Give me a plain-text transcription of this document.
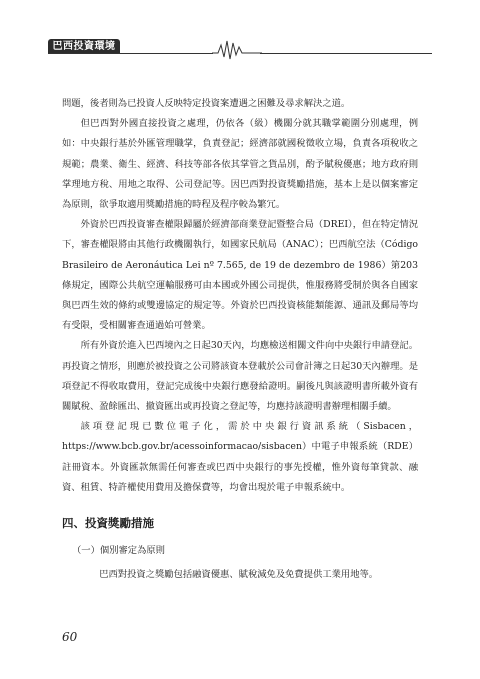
巴西投資環境簡介

問題，後者則為已投資人反映特定投資案遭遇之困難及尋求解決之道。

但巴西對外國直接投資之處理，仍依各（級）機關分就其職掌範圍分別處理，例如：中央銀行基於外匯管理職掌，負責登記；經濟部就國稅徵收立場，負責各項稅收之規範；農業、衛生、經濟、科技等部各依其掌管之貨品別，酌予賦稅優惠；地方政府則掌理地方稅、用地之取得、公司登記等。因巴西對投資獎勵措施，基本上是以個案審定為原則，欲爭取適用獎勵措施的時程及程序較為繁冗。

外資於巴西投資審查權限歸屬於經濟部商業登記暨整合局（DREI），但在特定情況下，審查權限將由其他行政機關執行，如國家民航局（ANAC）；巴西航空法（Código Brasileiro de Aeronáutica Lei nº 7.565, de 19 de dezembro de 1986）第203條規定，國際公共航空運輸服務可由本國或外國公司提供，惟服務將受制於與各自國家與巴西生效的條約或雙邊協定的規定等。外資於巴西投資核能類能源、通訊及郵局等均有受限，受相關審查通過始可營業。

所有外資於進入巴西境內之日起30天內，均應檢送相關文件向中央銀行申請登記。再投資之情形，則應於被投資之公司將該資本登載於公司會計簿之日起30天內辦理。是項登記不得收取費用，登記完成後中央銀行應發給證明。嗣後凡與該證明書所載外資有關賦稅、盈餘匯出、撤資匯出或再投資之登記等，均應持該證明書辦理相關手續。

該項登記現已數位電子化，需於中央銀行資訊系統（Sisbacen，https://www.bcb.gov.br/acessoinformacao/sisbacen）中電子申報系統（RDE）註冊資本。外資匯款無需任何審查或巴西中央銀行的事先授權，惟外資每筆貸款、融資、租賃、特許權使用費用及擔保費等，均會出現於電子申報系統中。

四、投資獎勵措施
（一）個別審定為原則

巴西對投資之獎勵包括融資優惠、賦稅減免及免費提供工業用地等。

60
